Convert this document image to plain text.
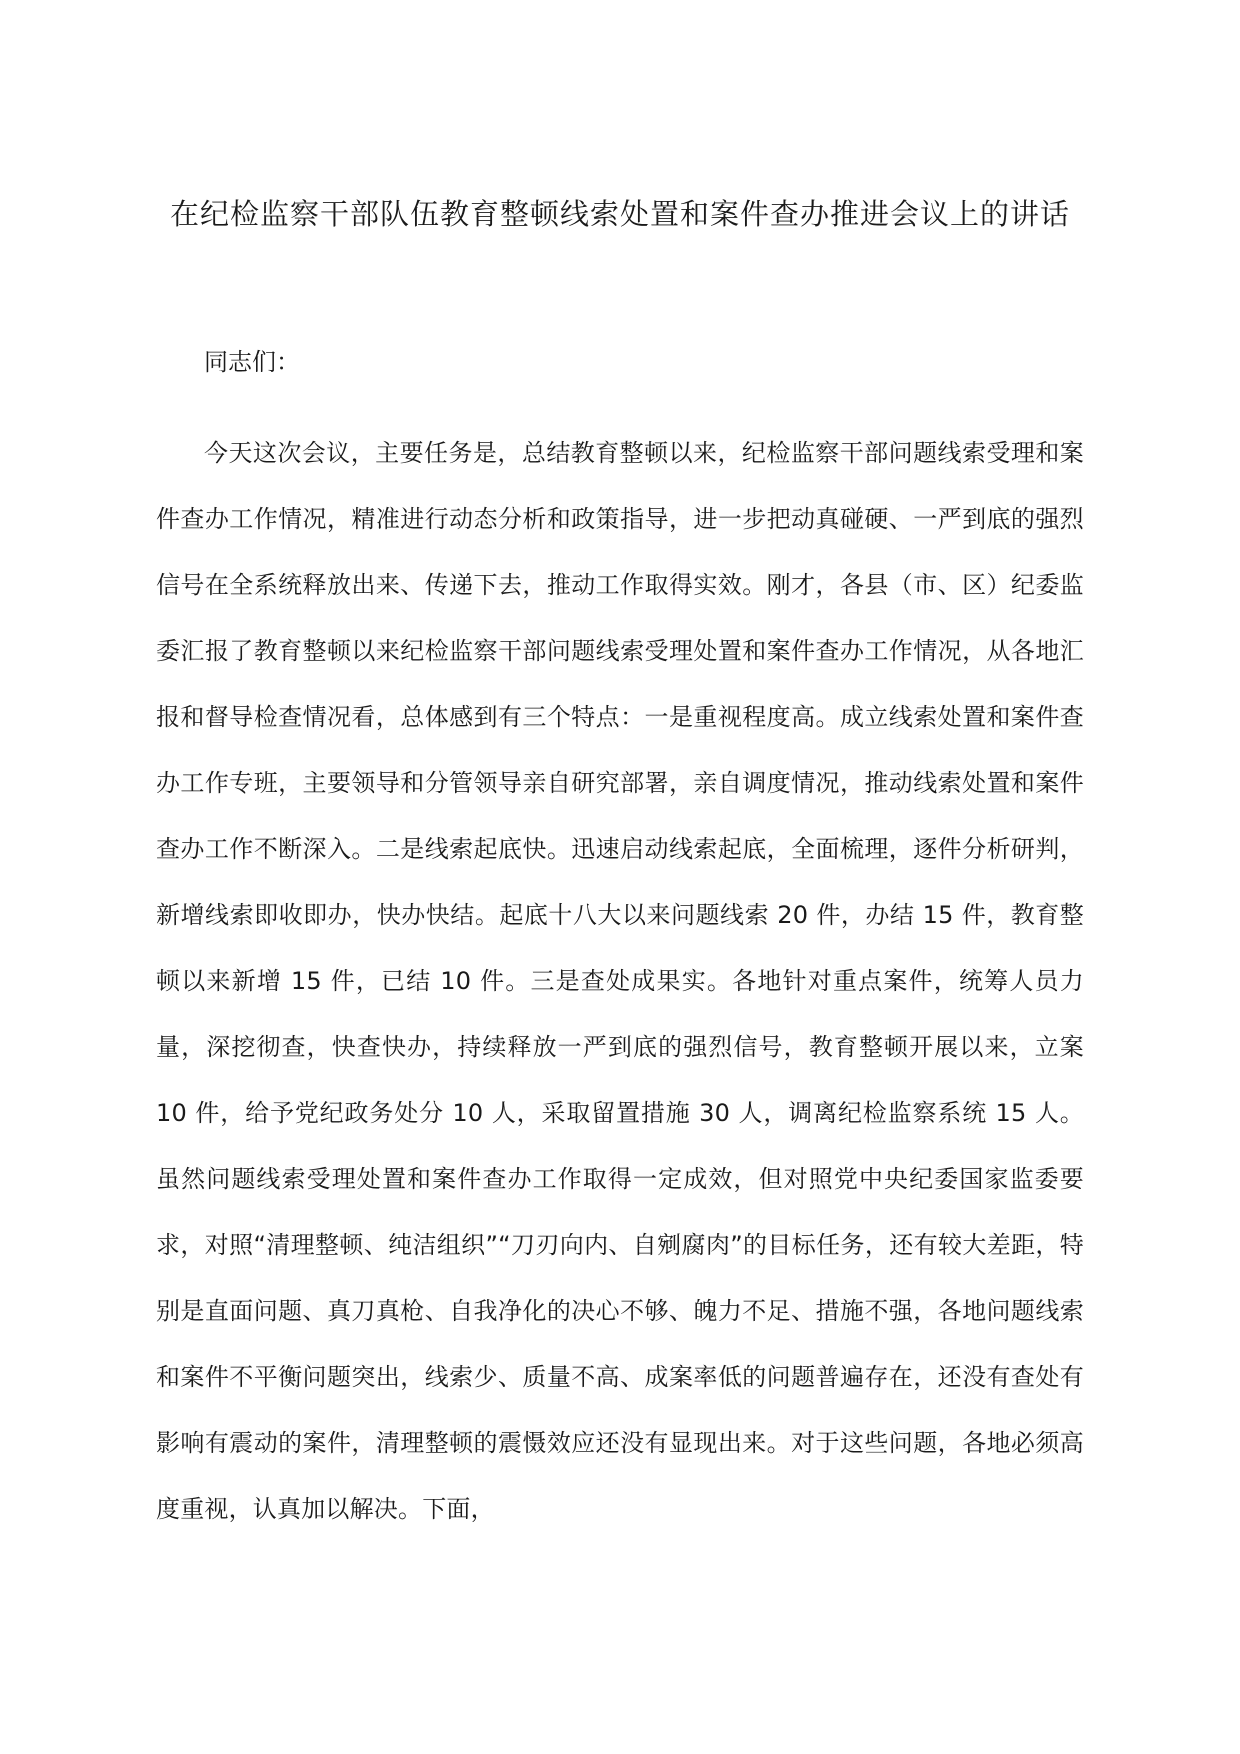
在纪检监察干部队伍教育整顿线索处置和案件查办推进会议上的讲话
同志们：

今天这次会议，主要任务是，总结教育整顿以来，纪检监察干部问题线索受理和案件查办工作情况，精准进行动态分析和政策指导，进一步把动真碰硬、一严到底的强烈信号在全系统释放出来、传递下去，推动工作取得实效。刚才，各县（市、区）纪委监委汇报了教育整顿以来纪检监察干部问题线索受理处置和案件查办工作情况，从各地汇报和督导检查情况看，总体感到有三个特点：一是重视程度高。成立线索处置和案件查办工作专班，主要领导和分管领导亲自研究部署，亲自调度情况，推动线索处置和案件查办工作不断深入。二是线索起底快。迅速启动线索起底，全面梳理，逐件分析研判，新增线索即收即办，快办快结。起底十八大以来问题线索 20 件，办结 15 件，教育整顿以来新增 15 件，已结 10 件。三是查处成果实。各地针对重点案件，统筹人员力量，深挖彻查，快查快办，持续释放一严到底的强烈信号，教育整顿开展以来，立案 10 件，给予党纪政务处分 10 人，采取留置措施 30 人，调离纪检监察系统 15 人。虽然问题线索受理处置和案件查办工作取得一定成效，但对照党中央纪委国家监委要求，对照“清理整顿、纯洁组织”“刀刃向内、自剜腐肉”的目标任务，还有较大差距，特别是直面问题、真刀真枪、自我净化的决心不够、魄力不足、措施不强，各地问题线索和案件不平衡问题突出，线索少、质量不高、成案率低的问题普遍存在，还没有查处有影响有震动的案件，清理整顿的震慑效应还没有显现出来。对于这些问题，各地必须高度重视，认真加以解决。下面，
